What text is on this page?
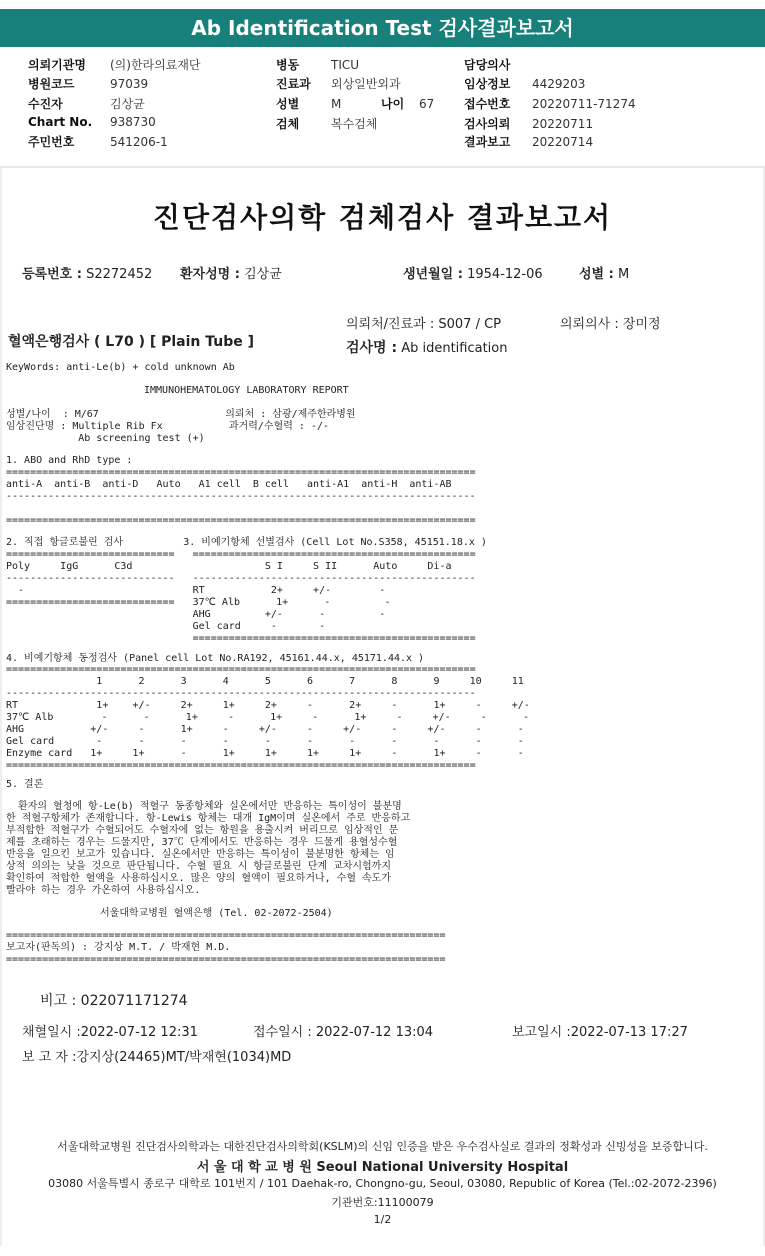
Ab Identification Test 검사결과보고서
의뢰기관명 (의)한라의료재단
병원코드	97039
수진자	김상균
Chart No. 938730
주민번호	541206-1
병동	TICU
진료과 외상일반외과
성별	M	나이 67
검체	복수검체
담당의사
임상정보 4429203
접수번호 20220711-71274
검사의뢰 20220711
결과보고 20220714
진단검사의학 검체검사 결과보고서
등록번호 : S2272452 환자성명 : 김상균	생년월일 : 1954-12-06	성별 : M
의뢰처/진료과 : S007 / CP	의뢰의사 : 장미정
혈액은행검사 ( L70 ) [ Plain Tube ]	검사명 : Ab identification
KeyWords: anti-Le(b) + cold unknown Ab
IMMUNOHEMATOLOGY LABORATORY REPORT
성별/나이  : M/67                     의뢰처 : 삼광/제주한라병원
임상진단명 : Multiple Rib Fx           과거력/수혈력 : -/-
Ab screening test (+)
1. ABO and RhD type :
==============================================================================
anti-A  anti-B  anti-D   Auto   A1 cell  B cell   anti-A1  anti-H  anti-AB
------------------------------------------------------------------------------

==============================================================================
2. 직접 항글로불린 검사          3. 비예기항체 선별검사 (Cell Lot No.S358, 45151.18.x )
============================   ===============================================
Poly     IgG      C3d                      S I     S II      Auto     Di-a
----------------------------   -----------------------------------------------
-                            RT           2+     +/-        -
============================   37℃ Alb      1+      -         -
AHG         +/-      -         -
Gel card     -       -
===============================================
4. 비예기항체 동정검사 (Panel cell Lot No.RA192, 45161.44.x, 45171.44.x )
==============================================================================
1      2      3      4      5      6      7      8      9     10     11
------------------------------------------------------------------------------
RT             1+    +/-     2+     1+     2+     -      2+     -      1+     -     +/-
37℃ Alb        -      -      1+     -      1+     -      1+     -     +/-     -      -
AHG           +/-     -      1+     -     +/-     -     +/-     -     +/-     -      -
Gel card       -      -      -      -      -      -      -      -      -      -      -
Enzyme card   1+     1+      -      1+     1+     1+     1+     -      1+     -      -
==============================================================================
5. 결론
환자의 혈청에 항-Le(b) 적혈구 동종항체와 실온에서만 반응하는 특이성이 불분명
한 적혈구항체가 존재합니다. 항-Lewis 항체는 대개 IgM이며 실온에서 주로 반응하고
부적합한 적혈구가 수혈되어도 수혈자에 없는 항원을 용출시켜 버리므로 임상적인 문
제를 초래하는 경우는 드물지만, 37℃ 단계에서도 반응하는 경우 드물게 용혈성수혈
반응을 일으킨 보고가 있습니다. 실온에서만 반응하는 특이성이 불분명한 항체는 임
상적 의의는 낮을 것으로 판단됩니다. 수혈 필요 시 항글로불린 단계 교차시험까지
확인하여 적합한 혈액을 사용하십시오. 많은 양의 혈액이 필요하거나, 수혈 속도가
빨라야 하는 경우 가온하여 사용하십시오.
서울대학교병원 혈액은행 (Tel. 02-2072-2504)
=========================================================================
보고자(판독의) : 강지상 M.T. / 박재현 M.D.
=========================================================================
비고 : 022071171274
채혈일시 :2022-07-12 12:31	접수일시 : 2022-07-12 13:04	보고일시 :2022-07-13 17:27
보 고 자 :강지상(24465)MT/박재현(1034)MD
서울대학교병원 진단검사의학과는 대한진단검사의학회(KSLM)의 신임 인증을 받은 우수검사실로 결과의 정확성과 신빙성을 보증합니다.
서 울 대 학 교 병 원 Seoul National University Hospital
03080 서울특별시 종로구 대학로 101번지 / 101 Daehak-ro, Chongno-gu, Seoul, 03080, Republic of Korea (Tel.:02-2072-2396)
기관번호:11100079
1/2
